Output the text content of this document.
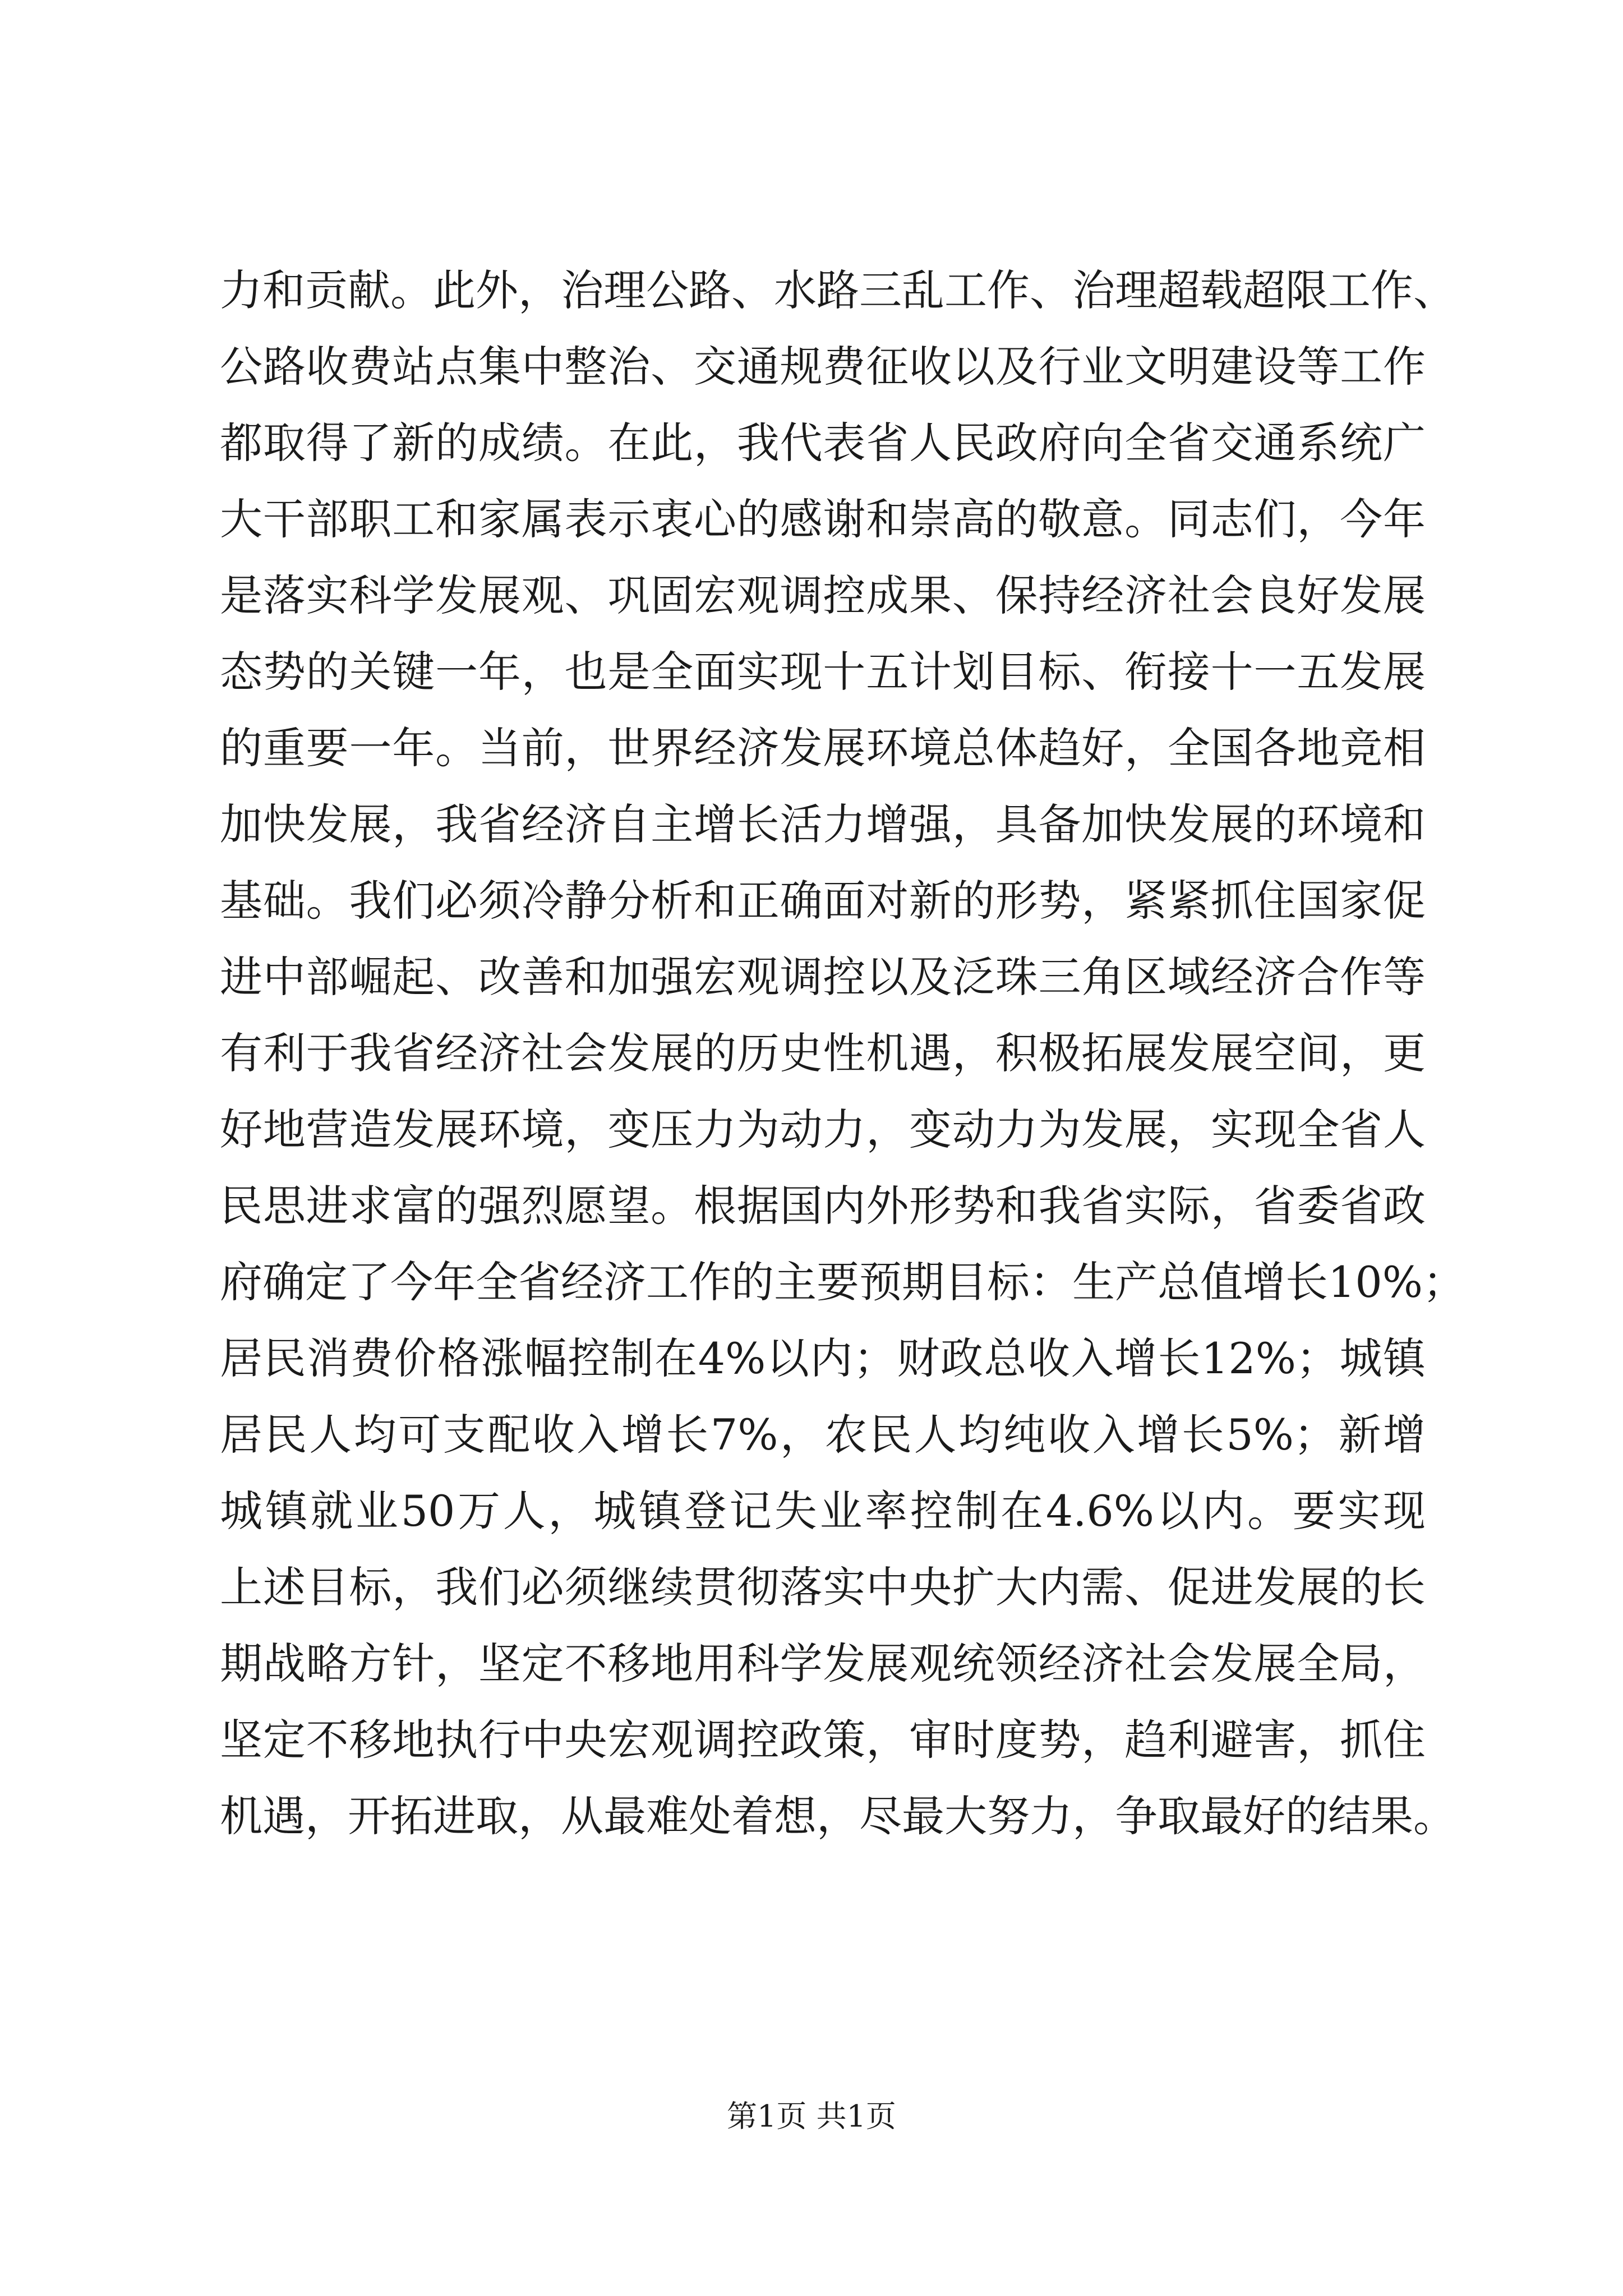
力和贡献。此外，治理公路、水路三乱工作、治理超载超限工作、
公路收费站点集中整治、交通规费征收以及行业文明建设等工作
都取得了新的成绩。在此，我代表省人民政府向全省交通系统广
大干部职工和家属表示衷心的感谢和崇高的敬意。同志们，今年
是落实科学发展观、巩固宏观调控成果、保持经济社会良好发展
态势的关键一年，也是全面实现十五计划目标、衔接十一五发展
的重要一年。当前，世界经济发展环境总体趋好，全国各地竞相
加快发展，我省经济自主增长活力增强，具备加快发展的环境和
基础。我们必须冷静分析和正确面对新的形势，紧紧抓住国家促
进中部崛起、改善和加强宏观调控以及泛珠三角区域经济合作等
有利于我省经济社会发展的历史性机遇，积极拓展发展空间，更
好地营造发展环境，变压力为动力，变动力为发展，实现全省人
民思进求富的强烈愿望。根据国内外形势和我省实际，省委省政
府确定了今年全省经济工作的主要预期目标：生产总值增长10%；
居民消费价格涨幅控制在4%以内；财政总收入增长12%；城镇
居民人均可支配收入增长7%，农民人均纯收入增长5%；新增
城镇就业50万人，城镇登记失业率控制在4.6%以内。要实现
上述目标，我们必须继续贯彻落实中央扩大内需、促进发展的长
期战略方针，坚定不移地用科学发展观统领经济社会发展全局，
坚定不移地执行中央宏观调控政策，审时度势，趋利避害，抓住
机遇，开拓进取，从最难处着想，尽最大努力，争取最好的结果。
第1页 共1页
